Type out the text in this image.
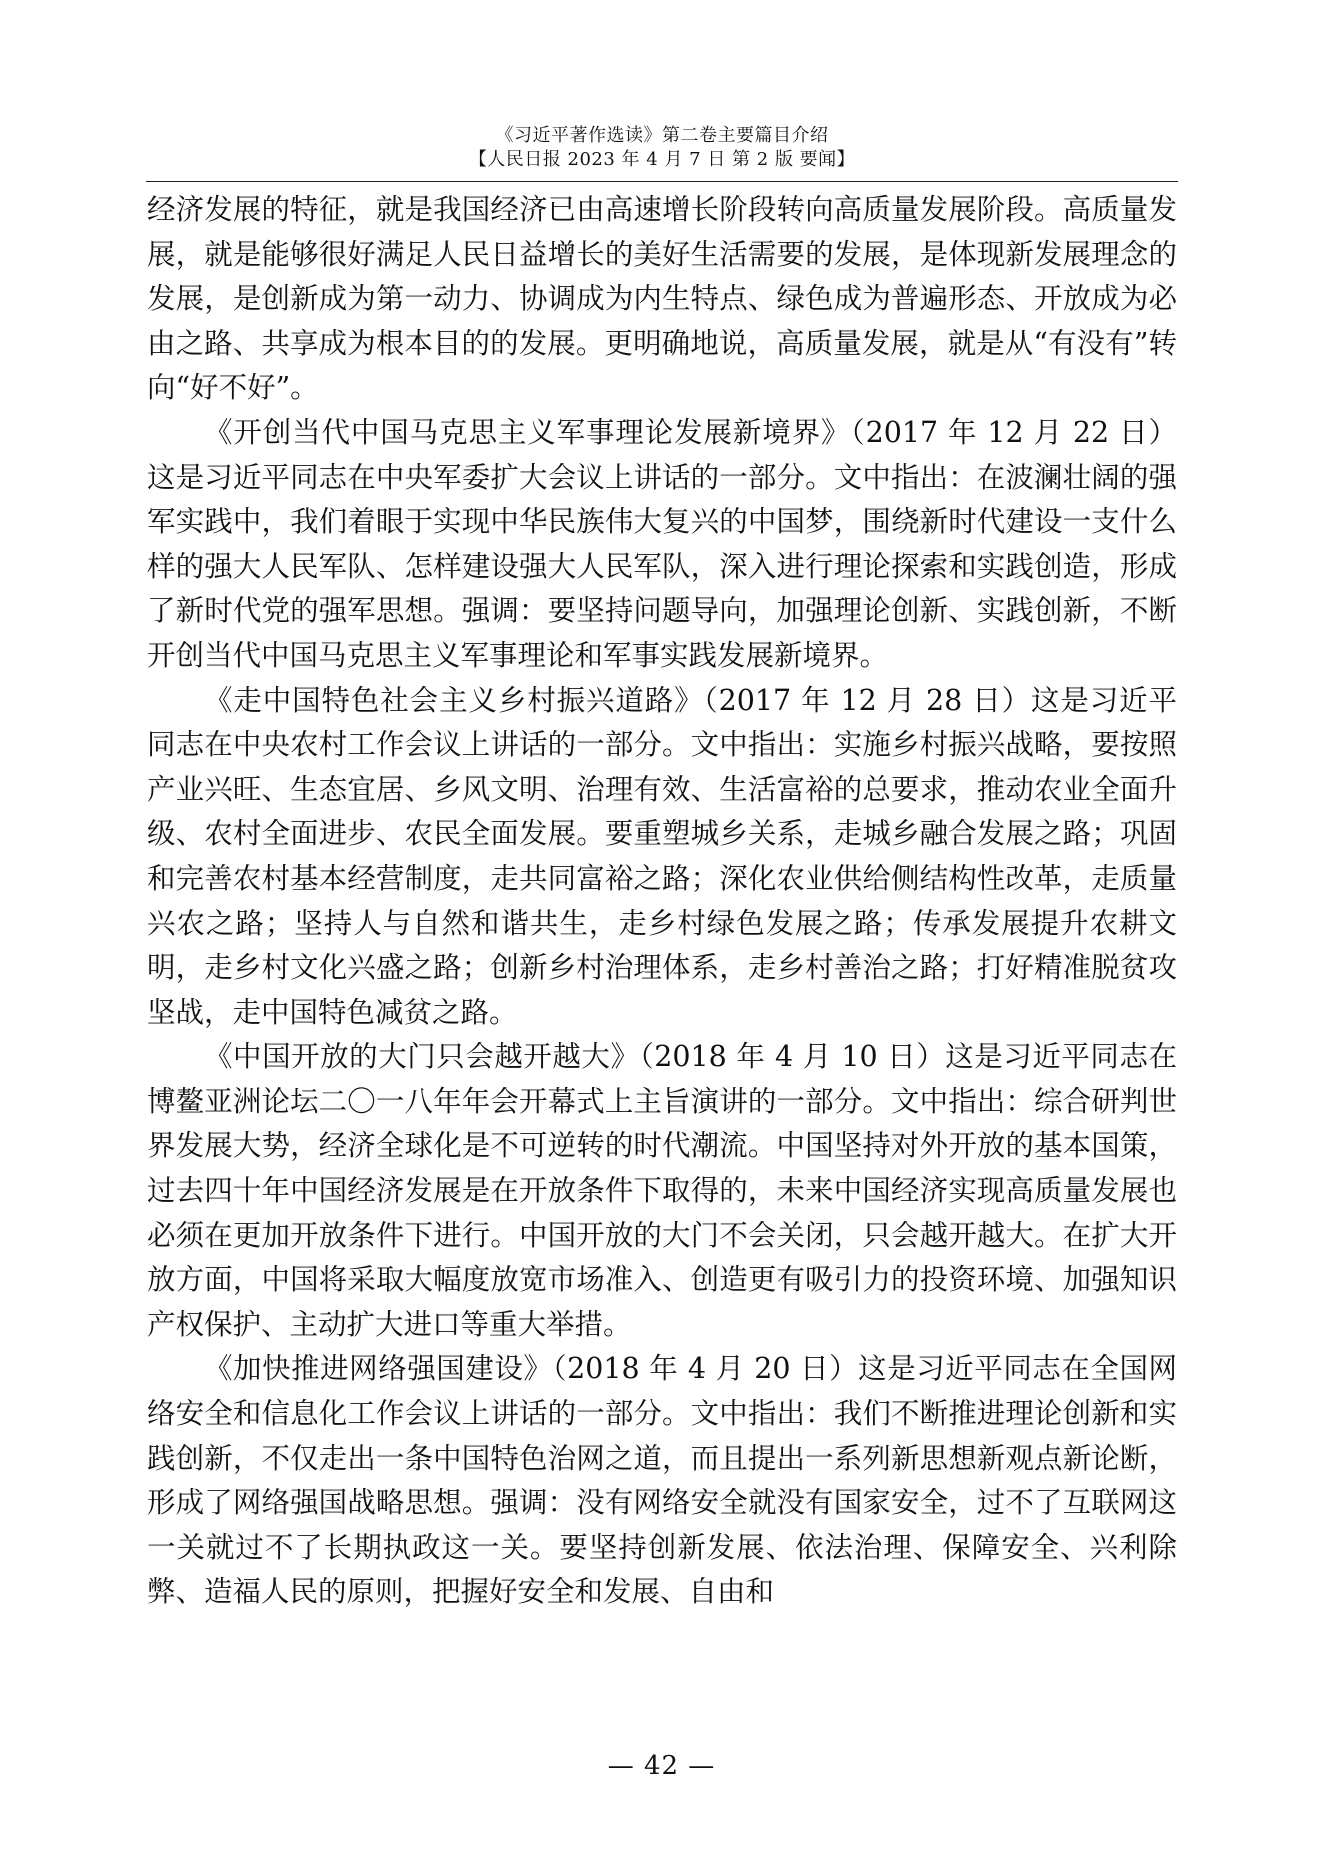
《习近平著作选读》第二卷主要篇目介绍

【人民日报 2023 年 4 月 7 日 第 2 版 要闻】

经济发展的特征，就是我国经济已由高速增长阶段转向高质量发展阶段。高质量发展，就是能够很好满足人民日益增长的美好生活需要的发展，是体现新发展理念的发展，是创新成为第一动力、协调成为内生特点、绿色成为普遍形态、开放成为必由之路、共享成为根本目的的发展。更明确地说，高质量发展，就是从“有没有”转向“好不好”。

《开创当代中国马克思主义军事理论发展新境界》（2017 年 12 月 22 日）这是习近平同志在中央军委扩大会议上讲话的一部分。文中指出：在波澜壮阔的强军实践中，我们着眼于实现中华民族伟大复兴的中国梦，围绕新时代建设一支什么样的强大人民军队、怎样建设强大人民军队，深入进行理论探索和实践创造，形成了新时代党的强军思想。强调：要坚持问题导向，加强理论创新、实践创新，不断开创当代中国马克思主义军事理论和军事实践发展新境界。

《走中国特色社会主义乡村振兴道路》（2017 年 12 月 28 日）这是习近平同志在中央农村工作会议上讲话的一部分。文中指出：实施乡村振兴战略，要按照产业兴旺、生态宜居、乡风文明、治理有效、生活富裕的总要求，推动农业全面升级、农村全面进步、农民全面发展。要重塑城乡关系，走城乡融合发展之路；巩固和完善农村基本经营制度，走共同富裕之路；深化农业供给侧结构性改革，走质量兴农之路；坚持人与自然和谐共生，走乡村绿色发展之路；传承发展提升农耕文明，走乡村文化兴盛之路；创新乡村治理体系，走乡村善治之路；打好精准脱贫攻坚战，走中国特色减贫之路。

《中国开放的大门只会越开越大》（2018 年 4 月 10 日）这是习近平同志在博鳌亚洲论坛二〇一八年年会开幕式上主旨演讲的一部分。文中指出：综合研判世界发展大势，经济全球化是不可逆转的时代潮流。中国坚持对外开放的基本国策，过去四十年中国经济发展是在开放条件下取得的，未来中国经济实现高质量发展也必须在更加开放条件下进行。中国开放的大门不会关闭，只会越开越大。在扩大开放方面，中国将采取大幅度放宽市场准入、创造更有吸引力的投资环境、加强知识产权保护、主动扩大进口等重大举措。

《加快推进网络强国建设》（2018 年 4 月 20 日）这是习近平同志在全国网络安全和信息化工作会议上讲话的一部分。文中指出：我们不断推进理论创新和实践创新，不仅走出一条中国特色治网之道，而且提出一系列新思想新观点新论断，形成了网络强国战略思想。强调：没有网络安全就没有国家安全，过不了互联网这一关就过不了长期执政这一关。要坚持创新发展、依法治理、保障安全、兴利除弊、造福人民的原则，把握好安全和发展、自由和

— 42 —
